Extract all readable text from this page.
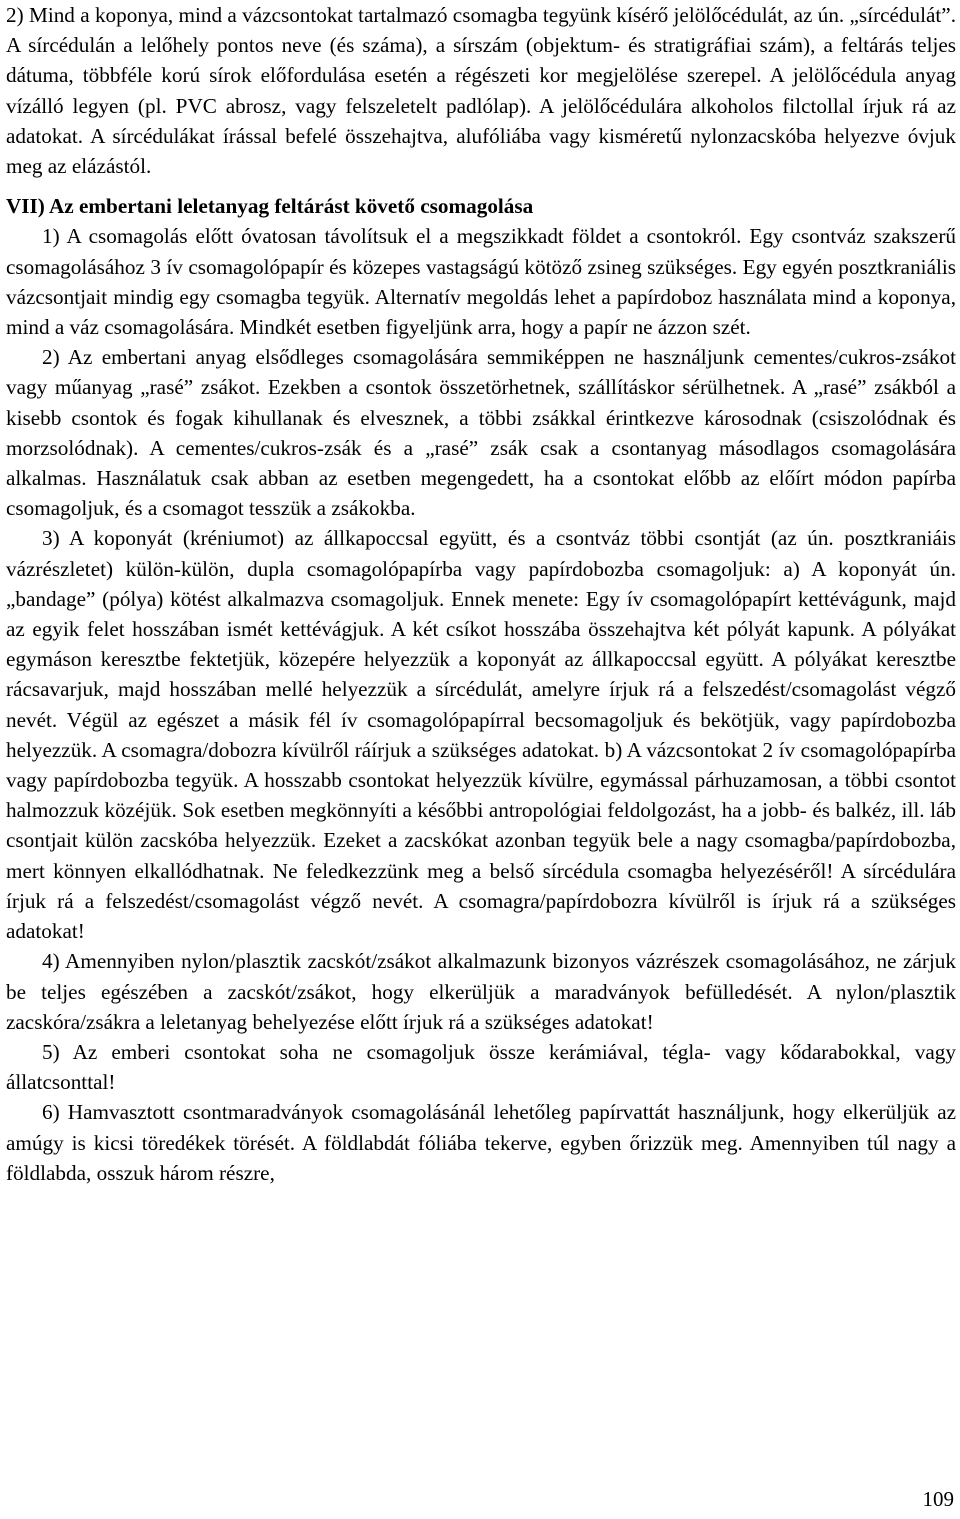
2) Mind a koponya, mind a vázcsontokat tartalmazó csomagba tegyünk kísérő jelölőcédulát, az ún. „sírcédulát”. A sírcédulán a lelőhely pontos neve (és száma), a sírszám (objektum- és stratigráfiai szám), a feltárás teljes dátuma, többféle korú sírok előfordulása esetén a régészeti kor megjelölése szerepel. A jelölőcédula anyag vízálló legyen (pl. PVC abrosz, vagy felszeletelt padlólap). A jelölőcédulára alkoholos filctollal írjuk rá az adatokat. A sírcédulákat írással befelé összehajtva, alufóliába vagy kisméretű nylonzacskóba helyezve óvjuk meg az elázástól.

VII) Az embertani leletanyag feltárást követő csomagolása

1) A csomagolás előtt óvatosan távolítsuk el a megszikkadt földet a csontokról. Egy csontváz szakszerű csomagolásához 3 ív csomagolópapír és közepes vastagságú kötöző zsineg szükséges. Egy egyén posztkraniális vázcsontjait mindig egy csomagba tegyük. Alternatív megoldás lehet a papírdoboz használata mind a koponya, mind a váz csomagolására. Mindkét esetben figyeljünk arra, hogy a papír ne ázzon szét.

2) Az embertani anyag elsődleges csomagolására semmiképpen ne használjunk cementes/cukros-zsákot vagy műanyag „rasé” zsákot. Ezekben a csontok összetörhetnek, szállításkor sérülhetnek. A „rasé” zsákból a kisebb csontok és fogak kihullanak és elvesznek, a többi zsákkal érintkezve károsodnak (csiszolódnak és morzsolódnak). A cementes/cukros-zsák és a „rasé” zsák csak a csontanyag másodlagos csomagolására alkalmas. Használatuk csak abban az esetben megengedett, ha a csontokat előbb az előírt módon papírba csomagoljuk, és a csomagot tesszük a zsákokba.

3) A koponyát (kréniumot) az állkapoccsal együtt, és a csontváz többi csontját (az ún. posztkraniáis vázrészletet) külön-külön, dupla csomagolópapírba vagy papírdobozba csomagoljuk: a) A koponyát ún. „bandage” (pólya) kötést alkalmazva csomagoljuk. Ennek menete: Egy ív csomagolópapírt kettévágunk, majd az egyik felet hosszában ismét kettévágjuk. A két csíkot hosszába összehajtva két pólyát kapunk. A pólyákat egymáson keresztbe fektetjük, közepére helyezzük a koponyát az állkapoccsal együtt. A pólyákat keresztbe rácsavarjuk, majd hosszában mellé helyezzük a sírcédulát, amelyre írjuk rá a felszedést/csomagolást végző nevét. Végül az egészet a másik fél ív csomagolópapírral becsomagoljuk és bekötjük, vagy papírdobozba helyezzük. A csomagra/dobozra kívülről ráírjuk a szükséges adatokat. b) A vázcsontokat 2 ív csomagolópapírba vagy papírdobozba tegyük. A hosszabb csontokat helyezzük kívülre, egymással párhuzamosan, a többi csontot halmozzuk közéjük. Sok esetben megkönnyíti a későbbi antropológiai feldolgozást, ha a jobb- és balkéz, ill. láb csontjait külön zacskóba helyezzük. Ezeket a zacskókat azonban tegyük bele a nagy csomagba/papírdobozba, mert könnyen elkallódhatnak. Ne feledkezzünk meg a belső sírcédula csomagba helyezéséről! A sírcédulára írjuk rá a felszedést/csomagolást végző nevét. A csomagra/papírdobozra kívülről is írjuk rá a szükséges adatokat!

4) Amennyiben nylon/plasztik zacskót/zsákot alkalmazunk bizonyos vázrészek csomagolásához, ne zárjuk be teljes egészében a zacskót/zsákot, hogy elkerüljük a maradványok befülledését. A nylon/plasztik zacskóra/zsákra a leletanyag behelyezése előtt írjuk rá a szükséges adatokat!

5) Az emberi csontokat soha ne csomagoljuk össze kerámiával, tégla- vagy kődarabokkal, vagy állatcsonttal!

6) Hamvasztott csontmaradványok csomagolásánál lehetőleg papírvattát használjunk, hogy elkerüljük az amúgy is kicsi töredékek törését. A földlabdát fóliába tekerve, egyben őrizzük meg. Amennyiben túl nagy a földlabda, osszuk három részre,

109
